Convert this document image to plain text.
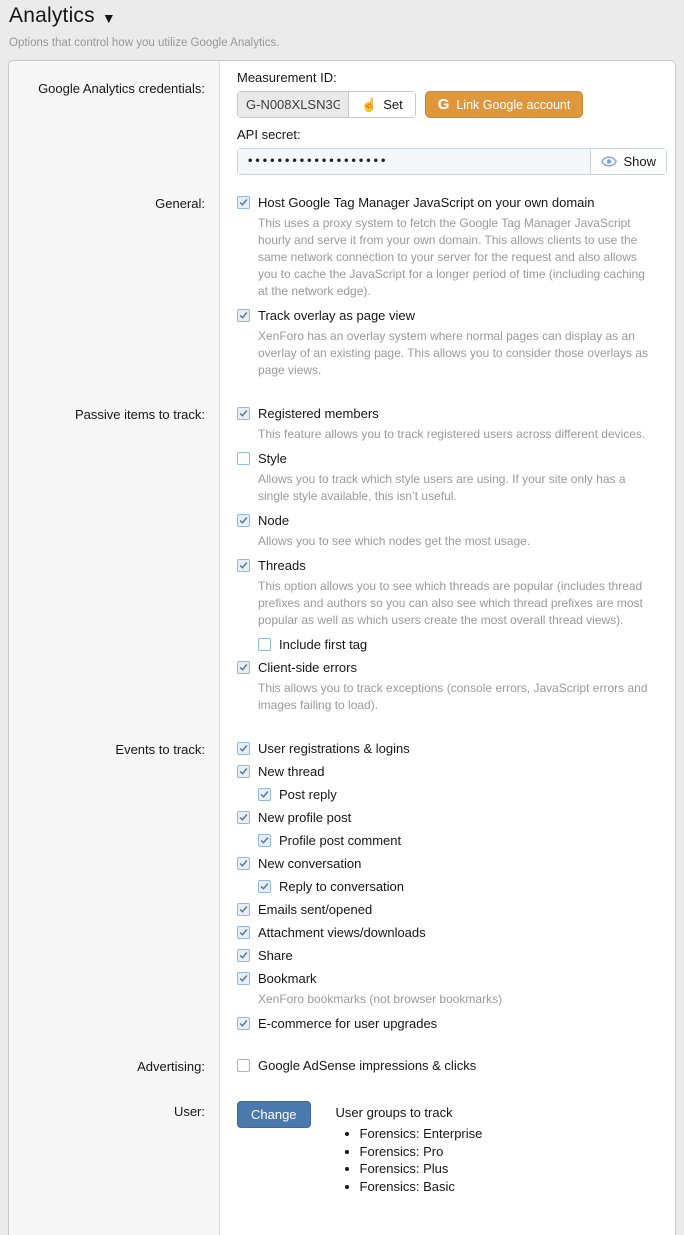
Analytics ▼
Options that control how you utilize Google Analytics.
Google Analytics credentials:
Measurement ID:
G-N008XLSN3G
☝ Set G Link Google account
API secret:
•••••••••••••••••••
Show
General:	Host Google Tag Manager JavaScript on your own domain
This uses a proxy system to fetch the Google Tag Manager JavaScript hourly and serve it from your own domain. This allows clients to use the same network connection to your server for the request and also allows you to cache the JavaScript for a longer period of time (including caching at the network edge).
Track overlay as page view
XenForo has an overlay system where normal pages can display as an overlay of an existing page. This allows you to consider those overlays as page views.
Passive items to track:	Registered members
This feature allows you to track registered users across different devices.
Style
Allows you to track which style users are using. If your site only has a single style available, this isn’t useful.
Node
Allows you to see which nodes get the most usage.
Threads
This option allows you to see which threads are popular (includes thread prefixes and authors so you can also see which thread prefixes are most popular as well as which users create the most overall thread views).
Include first tag
Client-side errors
This allows you to track exceptions (console errors, JavaScript errors and images failing to load).
Events to track:	User registrations & logins
New thread
Post reply
New profile post
Profile post comment
New conversation
Reply to conversation
Emails sent/opened
Attachment views/downloads
Share
Bookmark
XenForo bookmarks (not browser bookmarks)
E-commerce for user upgrades
Advertising:	Google AdSense impressions & clicks
User:	Change	User groups to track
• Forensics: Enterprise
• Forensics: Pro
• Forensics: Plus
• Forensics: Basic
